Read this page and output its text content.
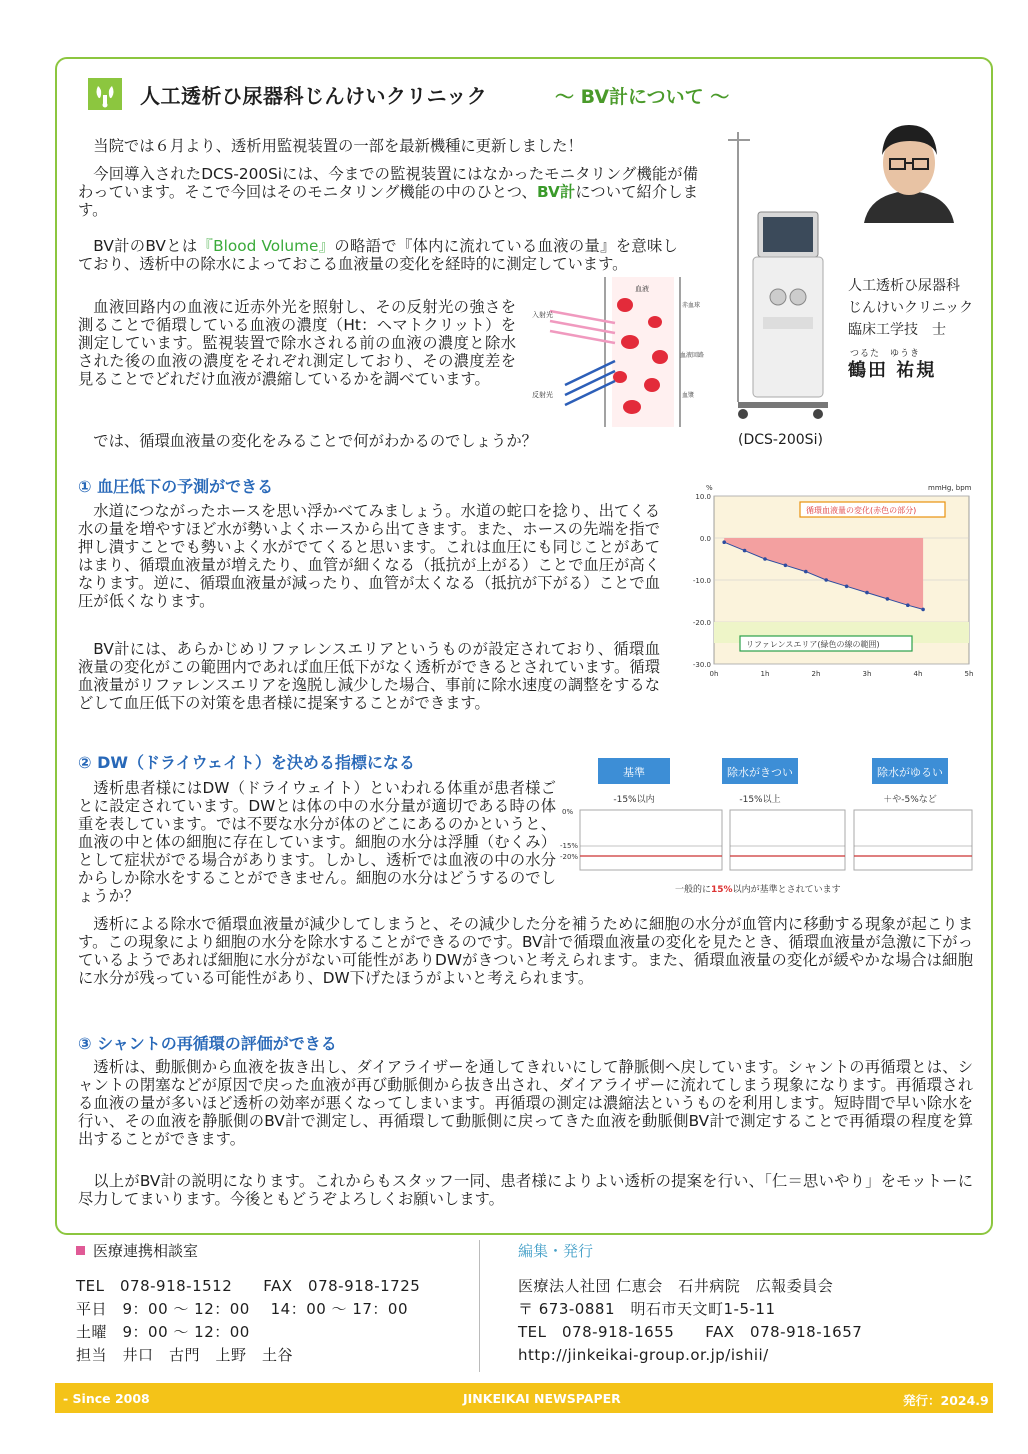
人工透析ひ尿器科じんけいクリニック	～ BV計について ～
当院では６月より、透析用監視装置の一部を最新機種に更新しました！
今回導入されたDCS-200Siには、今までの監視装置にはなかったモニタリング機能が備わっています。そこで今回はそのモニタリング機能の中のひとつ、BV計について紹介します。
BV計のBVとは『Blood Volume』の略語で『体内に流れている血液の量』を意味しており、透析中の除水によっておこる血液量の変化を経時的に測定しています。
血液回路内の血液に近赤外光を照射し、その反射光の強さを測ることで循環している血液の濃度（Ht：ヘマトクリット）を測定しています。監視装置で除水される前の血液の濃度と除水された後の血液の濃度をそれぞれ測定しており、その濃度差を見ることでどれだけ血液が濃縮しているかを調べています。
では、循環血液量の変化をみることで何がわかるのでしょうか？
血液
入射光
反射光
赤血球
血液回路
血漿
(DCS-200Si)
人工透析ひ尿器科
じんけいクリニック
臨床工学技　士
つるた　ゆうき
鶴田 祐規
① 血圧低下の予測ができる
水道につながったホースを思い浮かべてみましょう。水道の蛇口を捻り、出てくる水の量を増やすほど水が勢いよくホースから出てきます。また、ホースの先端を指で押し潰すことでも勢いよく水がでてくると思います。これは血圧にも同じことがあてはまり、循環血液量が増えたり、血管が細くなる（抵抗が上がる）ことで血圧が高くなります。逆に、循環血液量が減ったり、血管が太くなる（抵抗が下がる）ことで血圧が低くなります。
BV計には、あらかじめリファレンスエリアというものが設定されており、循環血液量の変化がこの範囲内であれば血圧低下がなく透析ができるとされています。循環血液量がリファレンスエリアを逸脱し減少した場合、事前に除水速度の調整をするなどして血圧低下の対策を患者様に提案することができます。
10.0
0.0
-10.0
-20.0
-30.0
0h	1h	2h	3h	4h	5h
%	mmHg, bpm
循環血液量の変化(赤色の部分)
リファレンスエリア(緑色の線の範囲)
② DW（ドライウェイト）を決める指標になる
透析患者様にはDW（ドライウェイト）といわれる体重が患者様ごとに設定されています。DWとは体の中の水分量が適切である時の体重を表しています。では不要な水分が体のどこにあるのかというと、血液の中と体の細胞に存在しています。細胞の水分は浮腫（むくみ）として症状がでる場合があります。しかし、透析では血液の中の水分からしか除水をすることができません。細胞の水分はどうするのでしょうか？
透析による除水で循環血液量が減少してしまうと、その減少した分を補うために細胞の水分が血管内に移動する現象が起こります。この現象により細胞の水分を除水することができるのです。BV計で循環血液量の変化を見たとき、循環血液量が急激に下がっているようであれば細胞に水分がない可能性がありDWがきついと考えられます。また、循環血液量の変化が緩やかな場合は細胞に水分が残っている可能性があり、DW下げたほうがよいと考えられます。
基準
-15%以内
除水がきつい
-15%以上
除水がゆるい
＋や-5%など
0%
-15%
-20%
一般的に15%以内が基準とされています
③ シャントの再循環の評価ができる
透析は、動脈側から血液を抜き出し、ダイアライザーを通してきれいにして静脈側へ戻しています。シャントの再循環とは、シャントの閉塞などが原因で戻った血液が再び動脈側から抜き出され、ダイアライザーに流れてしまう現象になります。再循環される血液の量が多いほど透析の効率が悪くなってしまいます。再循環の測定は濃縮法というものを利用します。短時間で早い除水を行い、その血液を静脈側のBV計で測定し、再循環して動脈側に戻ってきた血液を動脈側BV計で測定することで再循環の程度を算出することができます。
以上がBV計の説明になります。これからもスタッフ一同、患者様によりよい透析の提案を行い、「仁＝思いやり」をモットーに尽力してまいります。今後ともどうぞよろしくお願いします。
医療連携相談室
TEL　078-918-1512　　FAX　078-918-1725
平日　9：00 ～ 12：00　 14：00 ～ 17：00
土曜　9：00 ～ 12：00
担当　井口　古門　上野　土谷
編集・発行
医療法人社団 仁恵会　石井病院　広報委員会
〒 673-0881　明石市天文町1-5-11
TEL　078-918-1655　　FAX　078-918-1657
http://jinkeikai-group.or.jp/ishii/
- Since 2008	JINKEIKAI NEWSPAPER	発行：2024.9
